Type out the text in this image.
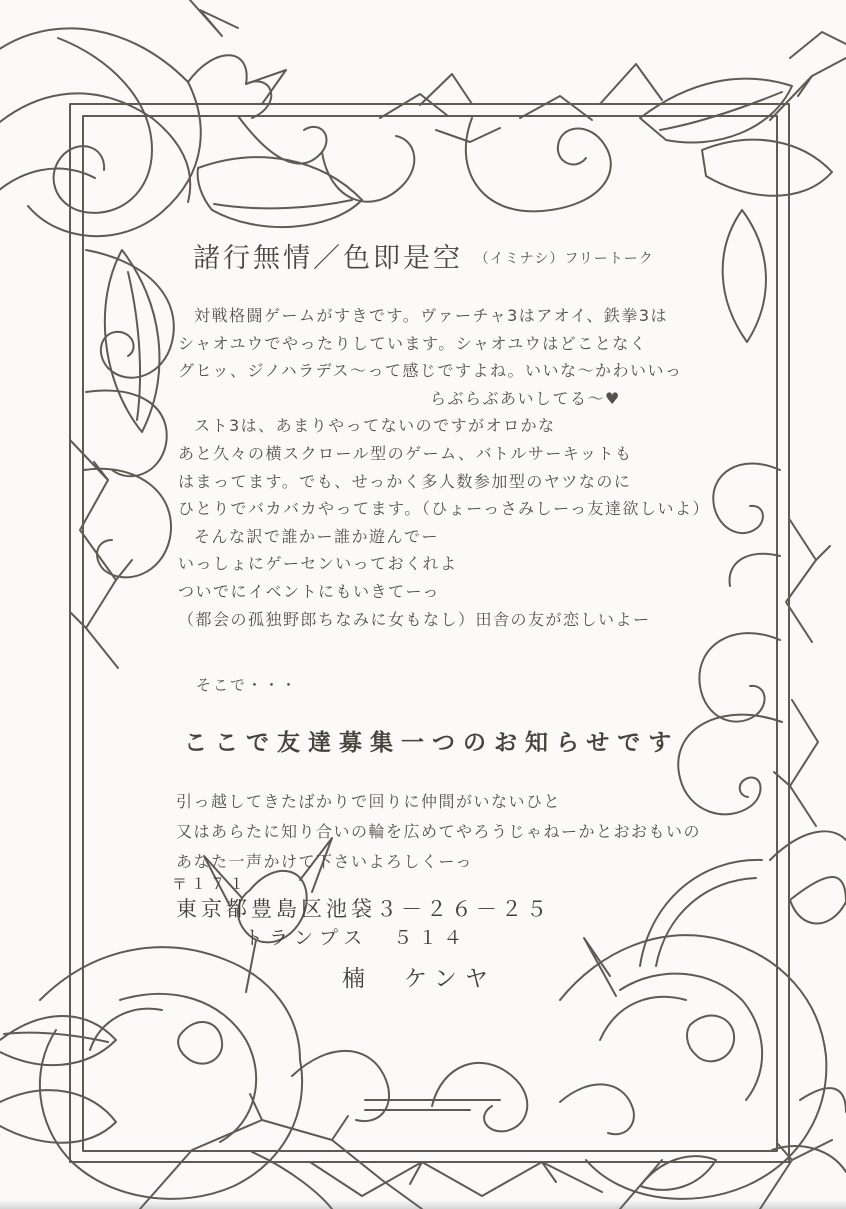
諸行無情／色即是空 （イミナシ）フリートーク
対戦格闘ゲームがすきです。ヴァーチャ3はアオイ、鉄拳3は
シャオユウでやったりしています。シャオユウはどことなく
グヒッ、ジノハラデス～って感じですよね。いいな～かわいいっ
らぶらぶあいしてる～♥
スト3は、あまりやってないのですがオロかな
あと久々の横スクロール型のゲーム、バトルサーキットも
はまってます。でも、せっかく多人数参加型のヤツなのに
ひとりでバカバカやってます。（ひょーっさみしーっ友達欲しいよ）
そんな訳で誰かー誰か遊んでー
いっしょにゲーセンいっておくれよ
ついでにイベントにもいきてーっ
（都会の孤独野郎ちなみに女もなし）田舎の友が恋しいよー
そこで・・・
ここで友達募集一つのお知らせです
引っ越してきたばかりで回りに仲間がいないひと
又はあらたに知り合いの輪を広めてやろうじゃねーかとおおもいの
あなた一声かけて下さいよろしくーっ
〒１７１
東京都豊島区池袋３－２６－２５
トランプス　５１４
楠　ケンヤ
